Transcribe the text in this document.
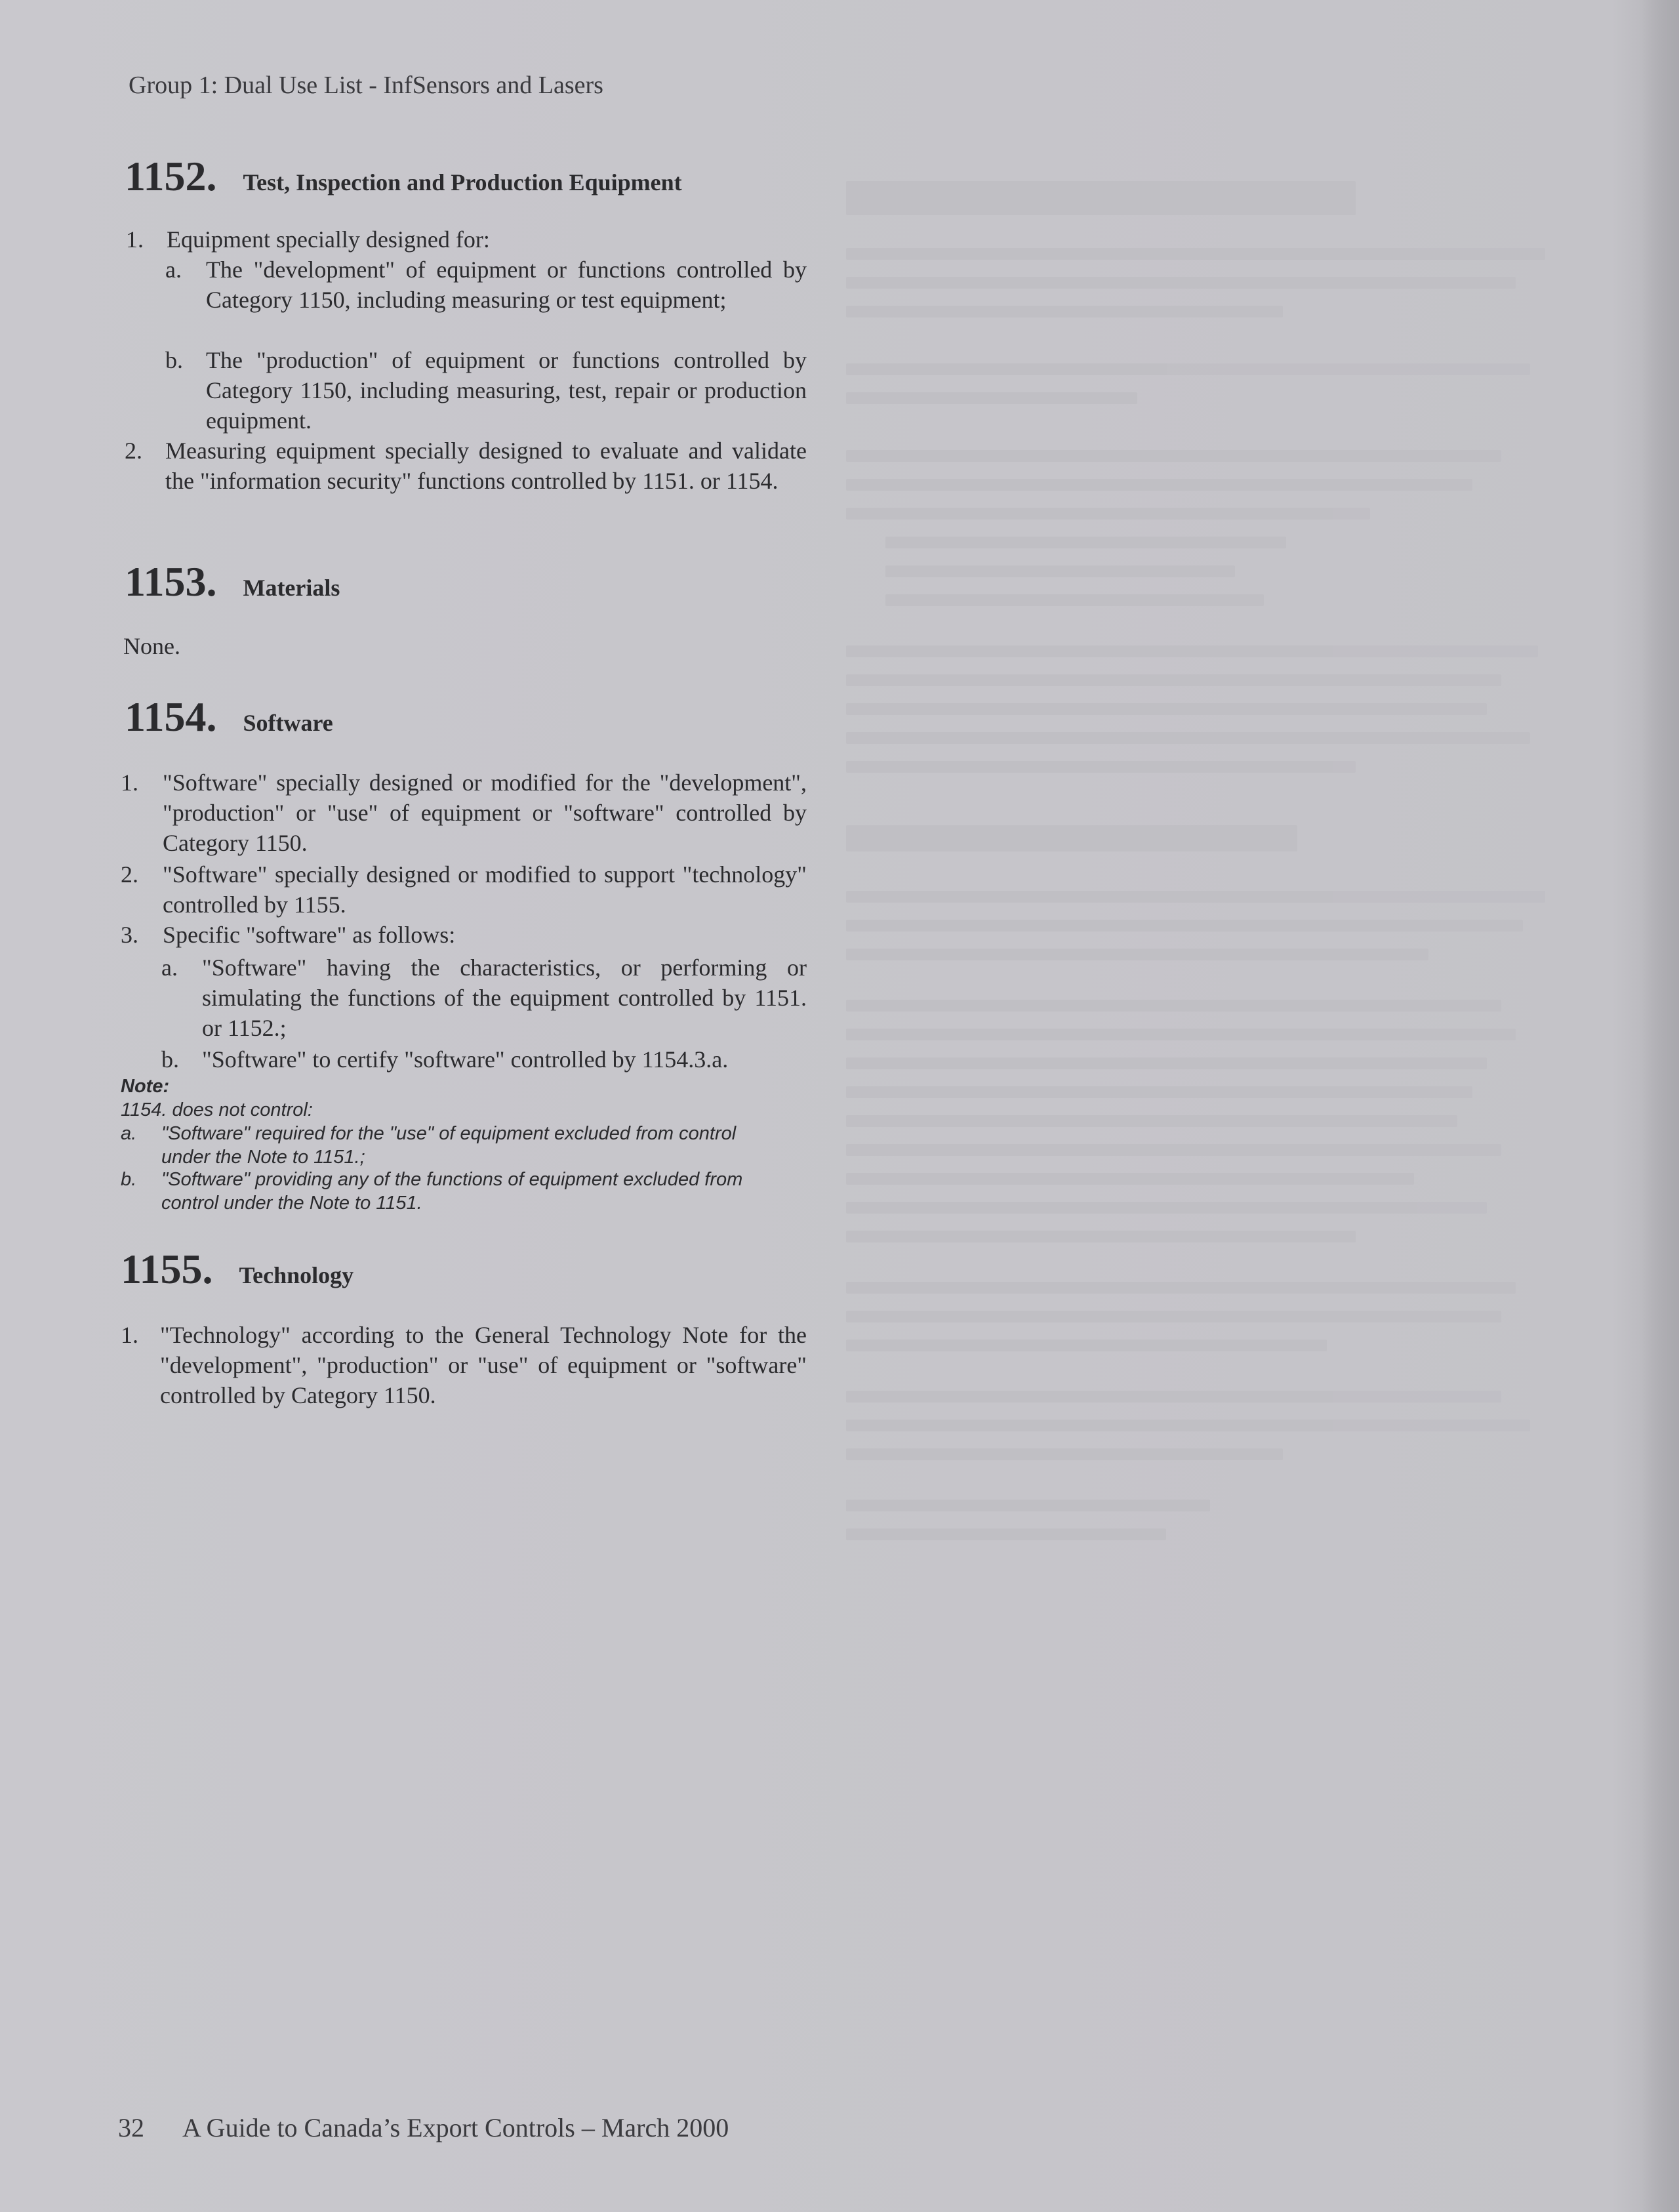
Group 1: Dual Use List - InfSensors and Lasers
1152. Test, Inspection and Production Equipment
1. Equipment specially designed for:
a. The "development" of equipment or functions controlled by Category 1150, including measuring or test equipment;
b. The "production" of equipment or functions controlled by Category 1150, including measuring, test, repair or production equipment.
2. Measuring equipment specially designed to evaluate and validate the "information security" functions controlled by 1151. or 1154.
1153. Materials
None.
1154. Software
1. "Software" specially designed or modified for the "development", "production" or "use" of equipment or "software" controlled by Category 1150.
2. "Software" specially designed or modified to support "technology" controlled by 1155.
3. Specific "software" as follows:
a. "Software" having the characteristics, or performing or simulating the functions of the equipment controlled by 1151. or 1152.;
b. "Software" to certify "software" controlled by 1154.3.a.
Note:
1154. does not control:
a. "Software" required for the "use" of equipment excluded from control under the Note to 1151.;
b. "Software" providing any of the functions of equipment excluded from control under the Note to 1151.
1155. Technology
1. "Technology" according to the General Technology Note for the "development", "production" or "use" of equipment or "software" controlled by Category 1150.
32 A Guide to Canada’s Export Controls – March 2000
